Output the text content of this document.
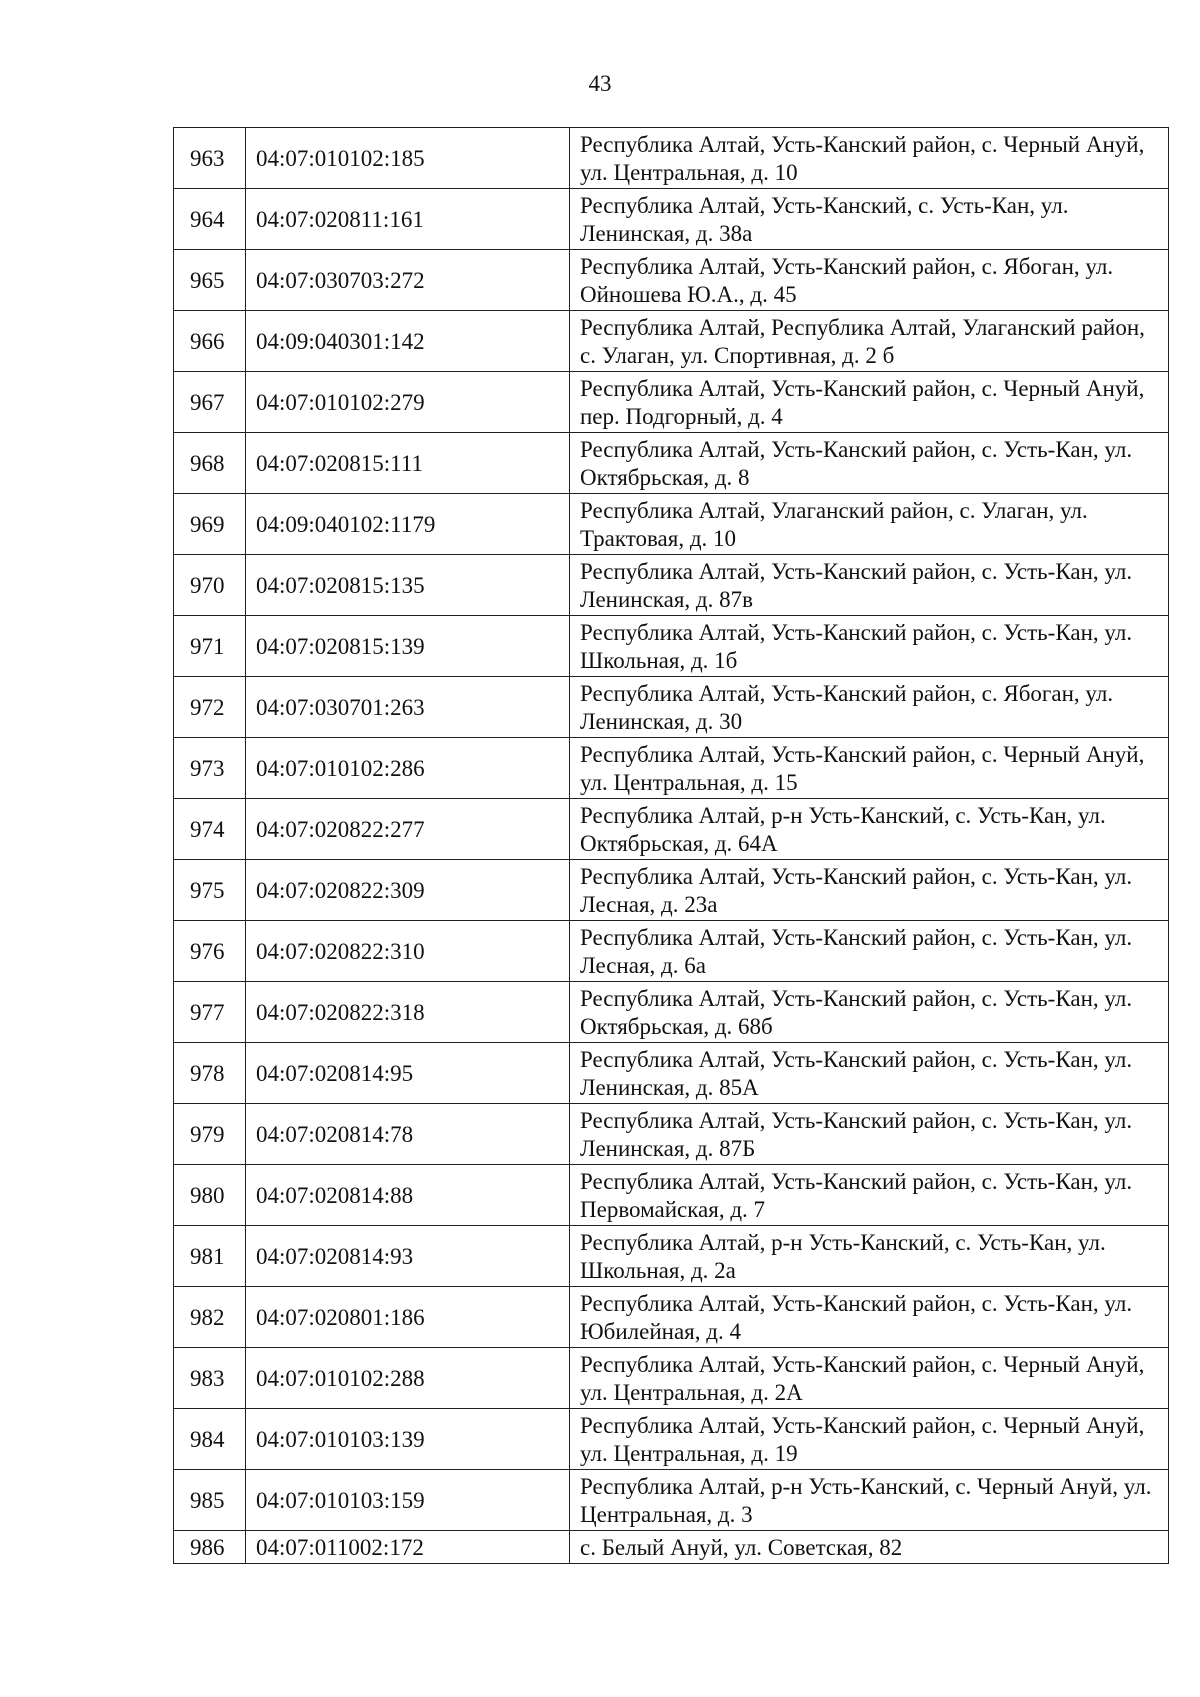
43
963	04:07:010102:185	Республика Алтай, Усть-Канский район, с. Черный Ануй, ул. Центральная, д. 10
964	04:07:020811:161	Республика Алтай, Усть-Канский, с. Усть-Кан, ул. Ленинская, д. 38а
965	04:07:030703:272	Республика Алтай, Усть-Канский район, с. Ябоган, ул. Ойношева Ю.А., д. 45
966	04:09:040301:142	Республика Алтай, Республика Алтай, Улаганский район, с. Улаган, ул. Спортивная, д. 2 б
967	04:07:010102:279	Республика Алтай, Усть-Канский район, с. Черный Ануй, пер. Подгорный, д. 4
968	04:07:020815:111	Республика Алтай, Усть-Канский район, с. Усть-Кан, ул. Октябрьская, д. 8
969	04:09:040102:1179	Республика Алтай, Улаганский район, с. Улаган, ул. Трактовая, д. 10
970	04:07:020815:135	Республика Алтай, Усть-Канский район, с. Усть-Кан, ул. Ленинская, д. 87в
971	04:07:020815:139	Республика Алтай, Усть-Канский район, с. Усть-Кан, ул. Школьная, д. 1б
972	04:07:030701:263	Республика Алтай, Усть-Канский район, с. Ябоган, ул. Ленинская, д. 30
973	04:07:010102:286	Республика Алтай, Усть-Канский район, с. Черный Ануй, ул. Центральная, д. 15
974	04:07:020822:277	Республика Алтай, р-н Усть-Канский, с. Усть-Кан, ул. Октябрьская, д. 64А
975	04:07:020822:309	Республика Алтай, Усть-Канский район, с. Усть-Кан, ул. Лесная, д. 23а
976	04:07:020822:310	Республика Алтай, Усть-Канский район, с. Усть-Кан, ул. Лесная, д. 6а
977	04:07:020822:318	Республика Алтай, Усть-Канский район, с. Усть-Кан, ул. Октябрьская, д. 68б
978	04:07:020814:95	Республика Алтай, Усть-Канский район, с. Усть-Кан, ул. Ленинская, д. 85А
979	04:07:020814:78	Республика Алтай, Усть-Канский район, с. Усть-Кан, ул. Ленинская, д. 87Б
980	04:07:020814:88	Республика Алтай, Усть-Канский район, с. Усть-Кан, ул. Первомайская, д. 7
981	04:07:020814:93	Республика Алтай, р-н Усть-Канский, с. Усть-Кан, ул. Школьная, д. 2а
982	04:07:020801:186	Республика Алтай, Усть-Канский район, с. Усть-Кан, ул. Юбилейная, д. 4
983	04:07:010102:288	Республика Алтай, Усть-Канский район, с. Черный Ануй, ул. Центральная, д. 2А
984	04:07:010103:139	Республика Алтай, Усть-Канский район, с. Черный Ануй, ул. Центральная, д. 19
985	04:07:010103:159	Республика Алтай, р-н Усть-Канский, с. Черный Ануй, ул. Центральная, д. 3
986	04:07:011002:172	с. Белый Ануй, ул. Советская, 82
